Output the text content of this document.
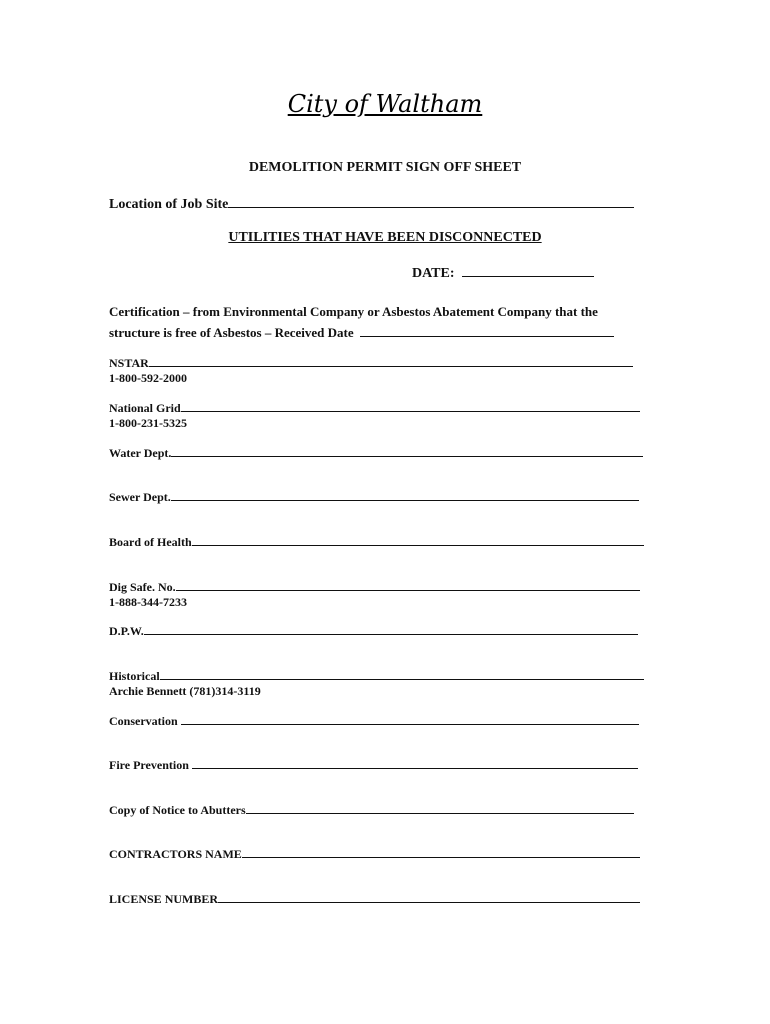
City of Waltham
DEMOLITION PERMIT SIGN OFF SHEET
Location of Job Site
UTILITIES THAT HAVE BEEN DISCONNECTED
DATE:
Certification – from Environmental Company or Asbestos Abatement Company that the
structure is free of Asbestos – Received Date
NSTAR
1-800-592-2000
National Grid
1-800-231-5325
Water Dept.
Sewer Dept.
Board of Health
Dig Safe. No.
1-888-344-7233
D.P.W.
Historical
Archie Bennett (781)314-3119
Conservation
Fire Prevention
Copy of Notice to Abutters
CONTRACTORS NAME
LICENSE NUMBER
